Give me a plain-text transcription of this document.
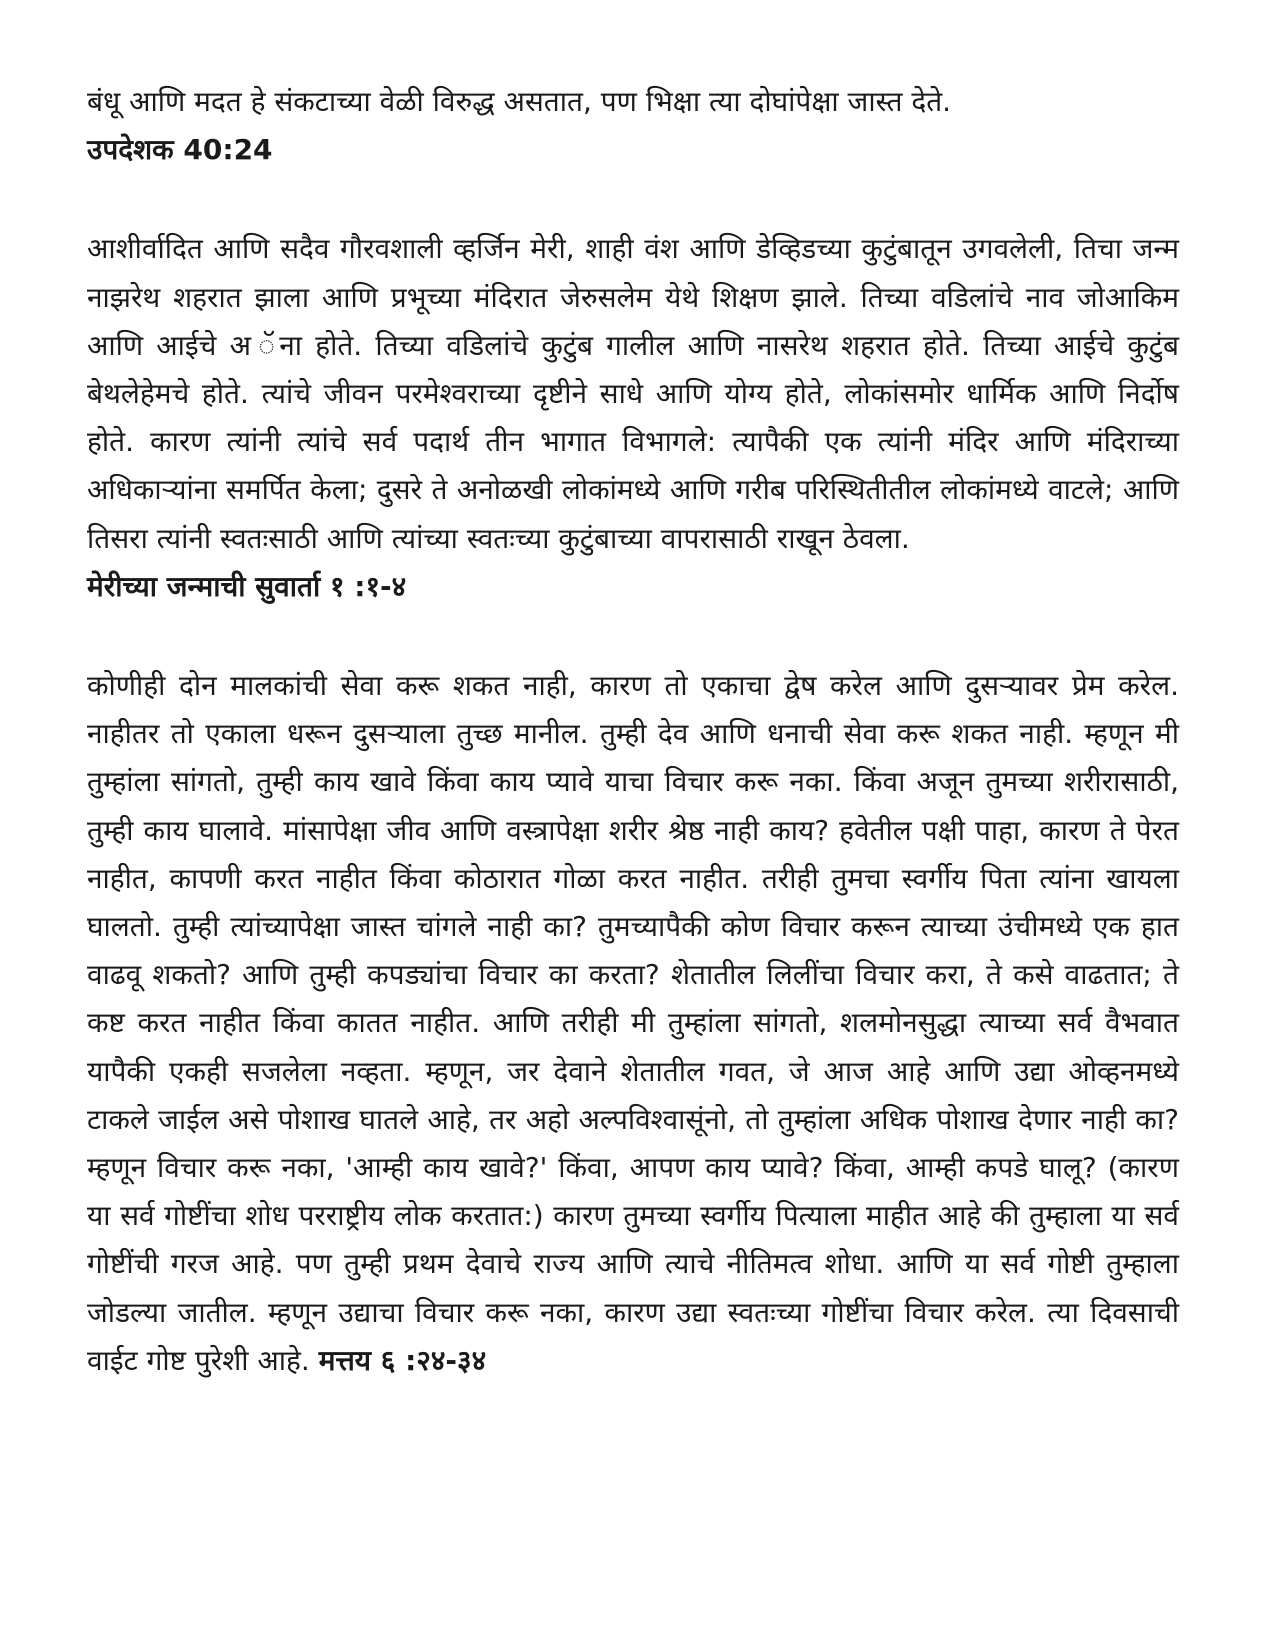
बंधू आणि मदत हे संकटाच्या वेळी विरुद्ध असतात, पण भिक्षा त्या दोघांपेक्षा जास्त देते.

उपदेशक 40:24

आशीर्वादित आणि सदैव गौरवशाली व्हर्जिन मेरी, शाही वंश आणि डेव्हिडच्या कुटुंबातून उगवलेली, तिचा जन्म नाझरेथ शहरात झाला आणि प्रभूच्या मंदिरात जेरुसलेम येथे शिक्षण झाले. तिच्या वडिलांचे नाव जोआकिम आणि आईचे अ ॅना होते. तिच्या वडिलांचे कुटुंब गालील आणि नासरेथ शहरात होते. तिच्या आईचे कुटुंब बेथलेहेमचे होते. त्यांचे जीवन परमेश्वराच्या दृष्टीने साधे आणि योग्य होते, लोकांसमोर धार्मिक आणि निर्दोष होते. कारण त्यांनी त्यांचे सर्व पदार्थ तीन भागात विभागले: त्यापैकी एक त्यांनी मंदिर आणि मंदिराच्या अधिकाऱ्यांना समर्पित केला; दुसरे ते अनोळखी लोकांमध्ये आणि गरीब परिस्थितीतील लोकांमध्ये वाटले; आणि तिसरा त्यांनी स्वतःसाठी आणि त्यांच्या स्वतःच्या कुटुंबाच्या वापरासाठी राखून ठेवला.

मेरीच्या जन्माची सुवार्ता १ :१-४

कोणीही दोन मालकांची सेवा करू शकत नाही, कारण तो एकाचा द्वेष करेल आणि दुसऱ्यावर प्रेम करेल. नाहीतर तो एकाला धरून दुसऱ्याला तुच्छ मानील. तुम्ही देव आणि धनाची सेवा करू शकत नाही. म्हणून मी तुम्हांला सांगतो, तुम्ही काय खावे किंवा काय प्यावे याचा विचार करू नका. किंवा अजून तुमच्या शरीरासाठी, तुम्ही काय घालावे. मांसापेक्षा जीव आणि वस्त्रापेक्षा शरीर श्रेष्ठ नाही काय? हवेतील पक्षी पाहा, कारण ते पेरत नाहीत, कापणी करत नाहीत किंवा कोठारात गोळा करत नाहीत. तरीही तुमचा स्वर्गीय पिता त्यांना खायला घालतो. तुम्ही त्यांच्यापेक्षा जास्त चांगले नाही का? तुमच्यापैकी कोण विचार करून त्याच्या उंचीमध्ये एक हात वाढवू शकतो? आणि तुम्ही कपड्यांचा विचार का करता? शेतातील लिलींचा विचार करा, ते कसे वाढतात; ते कष्ट करत नाहीत किंवा कातत नाहीत. आणि तरीही मी तुम्हांला सांगतो, शलमोनसुद्धा त्याच्या सर्व वैभवात यापैकी एकही सजलेला नव्हता. म्हणून, जर देवाने शेतातील गवत, जे आज आहे आणि उद्या ओव्हनमध्ये टाकले जाईल असे पोशाख घातले आहे, तर अहो अल्पविश्वासूंनो, तो तुम्हांला अधिक पोशाख देणार नाही का? म्हणून विचार करू नका, 'आम्ही काय खावे?' किंवा, आपण काय प्यावे? किंवा, आम्ही कपडे घालू? (कारण या सर्व गोष्टींचा शोध परराष्ट्रीय लोक करतात:) कारण तुमच्या स्वर्गीय पित्याला माहीत आहे की तुम्हाला या सर्व गोष्टींची गरज आहे. पण तुम्ही प्रथम देवाचे राज्य आणि त्याचे नीतिमत्व शोधा. आणि या सर्व गोष्टी तुम्हाला जोडल्या जातील. म्हणून उद्याचा विचार करू नका, कारण उद्या स्वतःच्या गोष्टींचा विचार करेल. त्या दिवसाची वाईट गोष्ट पुरेशी आहे. मत्तय ६ :२४-३४
